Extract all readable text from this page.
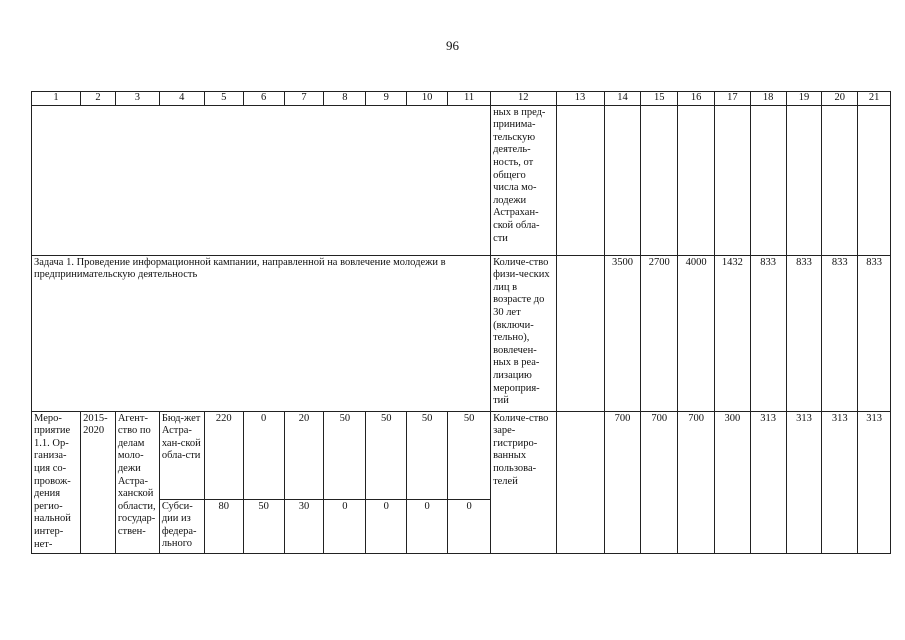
96
1	2	3	4	5	6	7	8	9	10	11	12	13	14	15	16	17	18	19	20	21
											ных в пред-принима-тельскую деятель-ность, от общего числа мо-лодежи Астрахан-ской обла-сти									
Задача 1. Проведение информационной кампании, направленной на вовлечение молодежи в предпринимательскую деятельность											Количе-ство физи-ческих лиц в возрасте до 30 лет (включи-тельно), вовлечен-ных в реа-лизацию мероприя-тий		3500	2700	4000	1432	833	833	833	833
Меро-приятие 1.1. Ор-ганиза-ция со-провож-дения регио-нальной интер-нет-	2015-2020	Агент-ство по делам моло-дежи Астра-ханской области, государ-ствен-	Бюд-жет Астра-хан-ской обла-сти	220	0	20	50	50	50	50	Количе-ство заре-гистриро-ванных пользова-телей		700	700	700	300	313	313	313	313
			Субси-дии из федера-льного	80	50	30	0	0	0	0										
